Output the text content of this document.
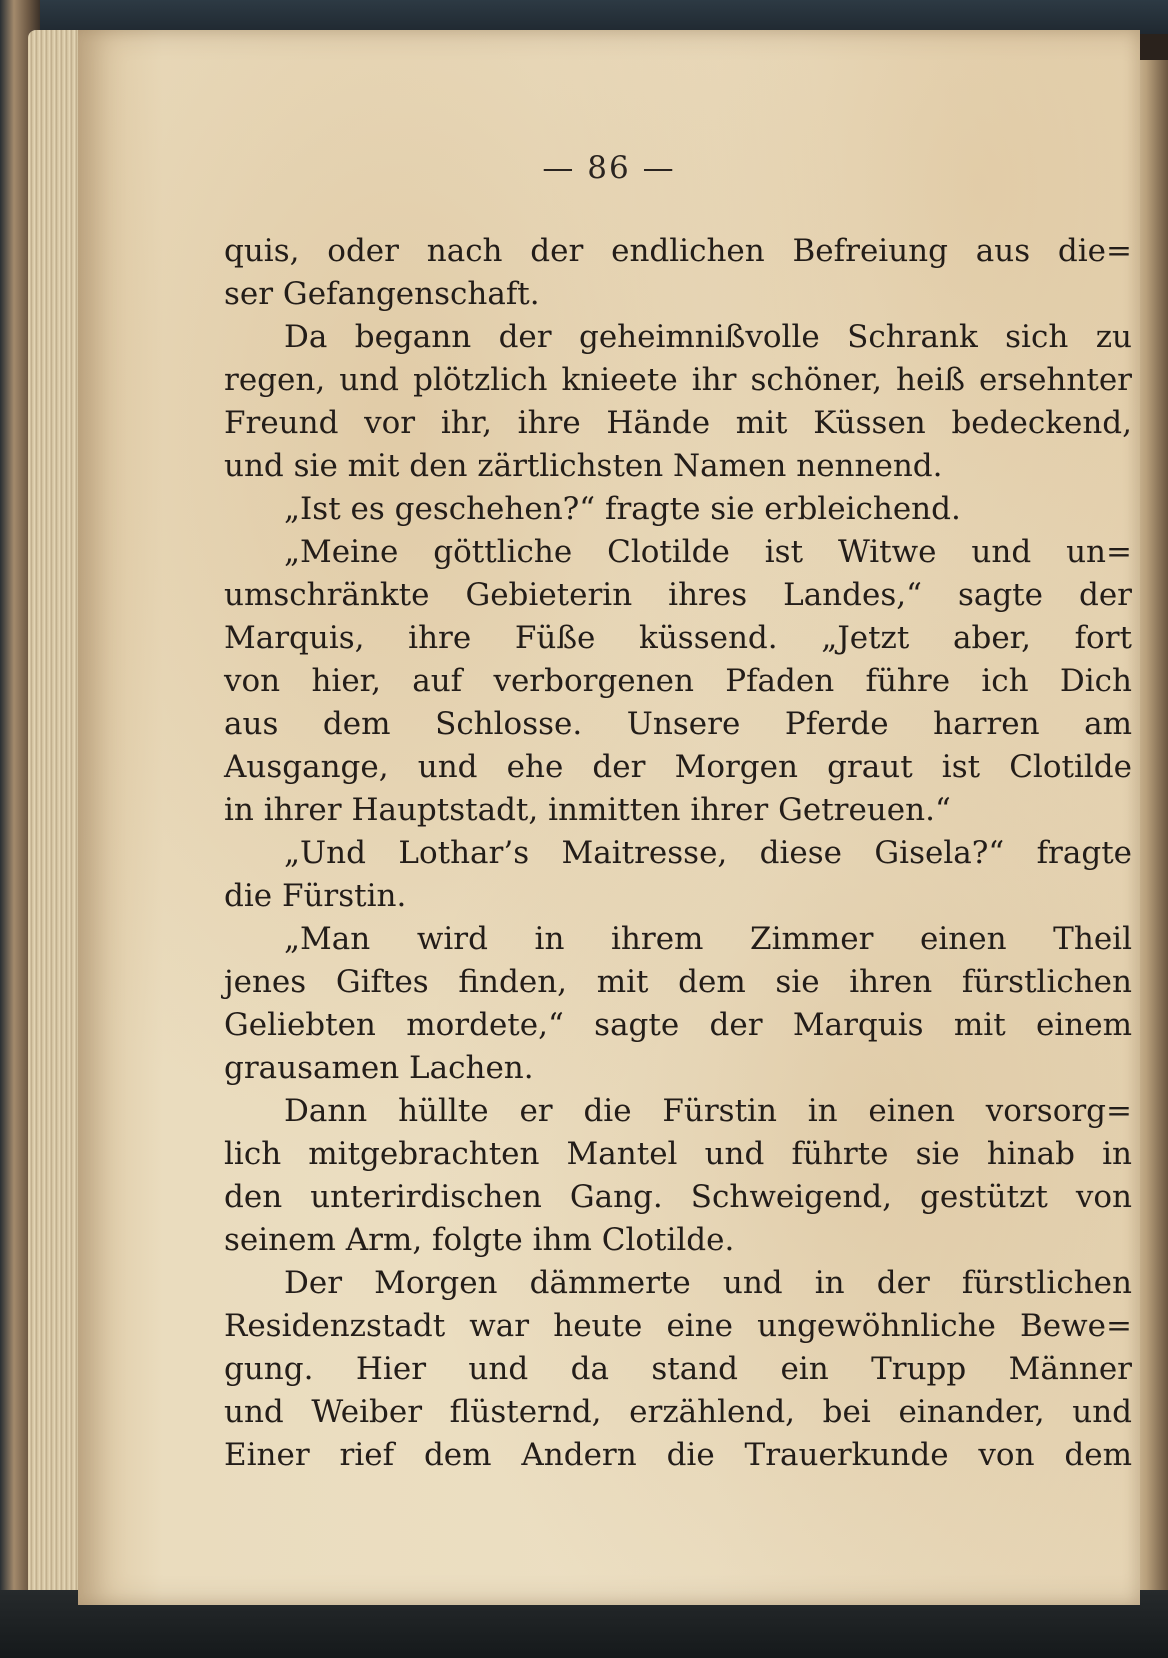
— 86 —
quis, oder nach der endlichen Befreiung aus die=
ser Gefangenschaft.
Da begann der geheimnißvolle Schrank sich zu
regen, und plötzlich knieete ihr schöner, heiß ersehnter
Freund vor ihr, ihre Hände mit Küssen bedeckend,
und sie mit den zärtlichsten Namen nennend.
„Ist es geschehen?“ fragte sie erbleichend.
„Meine göttliche Clotilde ist Witwe und un=
umschränkte Gebieterin ihres Landes,“ sagte der
Marquis, ihre Füße küssend. „Jetzt aber, fort
von hier, auf verborgenen Pfaden führe ich Dich
aus dem Schlosse. Unsere Pferde harren am
Ausgange, und ehe der Morgen graut ist Clotilde
in ihrer Hauptstadt, inmitten ihrer Getreuen.“
„Und Lothar’s Maitresse, diese Gisela?“ fragte
die Fürstin.
„Man wird in ihrem Zimmer einen Theil
jenes Giftes finden, mit dem sie ihren fürstlichen
Geliebten mordete,“ sagte der Marquis mit einem
grausamen Lachen.
Dann hüllte er die Fürstin in einen vorsorg=
lich mitgebrachten Mantel und führte sie hinab in
den unterirdischen Gang. Schweigend, gestützt von
seinem Arm, folgte ihm Clotilde.
Der Morgen dämmerte und in der fürstlichen
Residenzstadt war heute eine ungewöhnliche Bewe=
gung. Hier und da stand ein Trupp Männer
und Weiber flüsternd, erzählend, bei einander, und
Einer rief dem Andern die Trauerkunde von dem
